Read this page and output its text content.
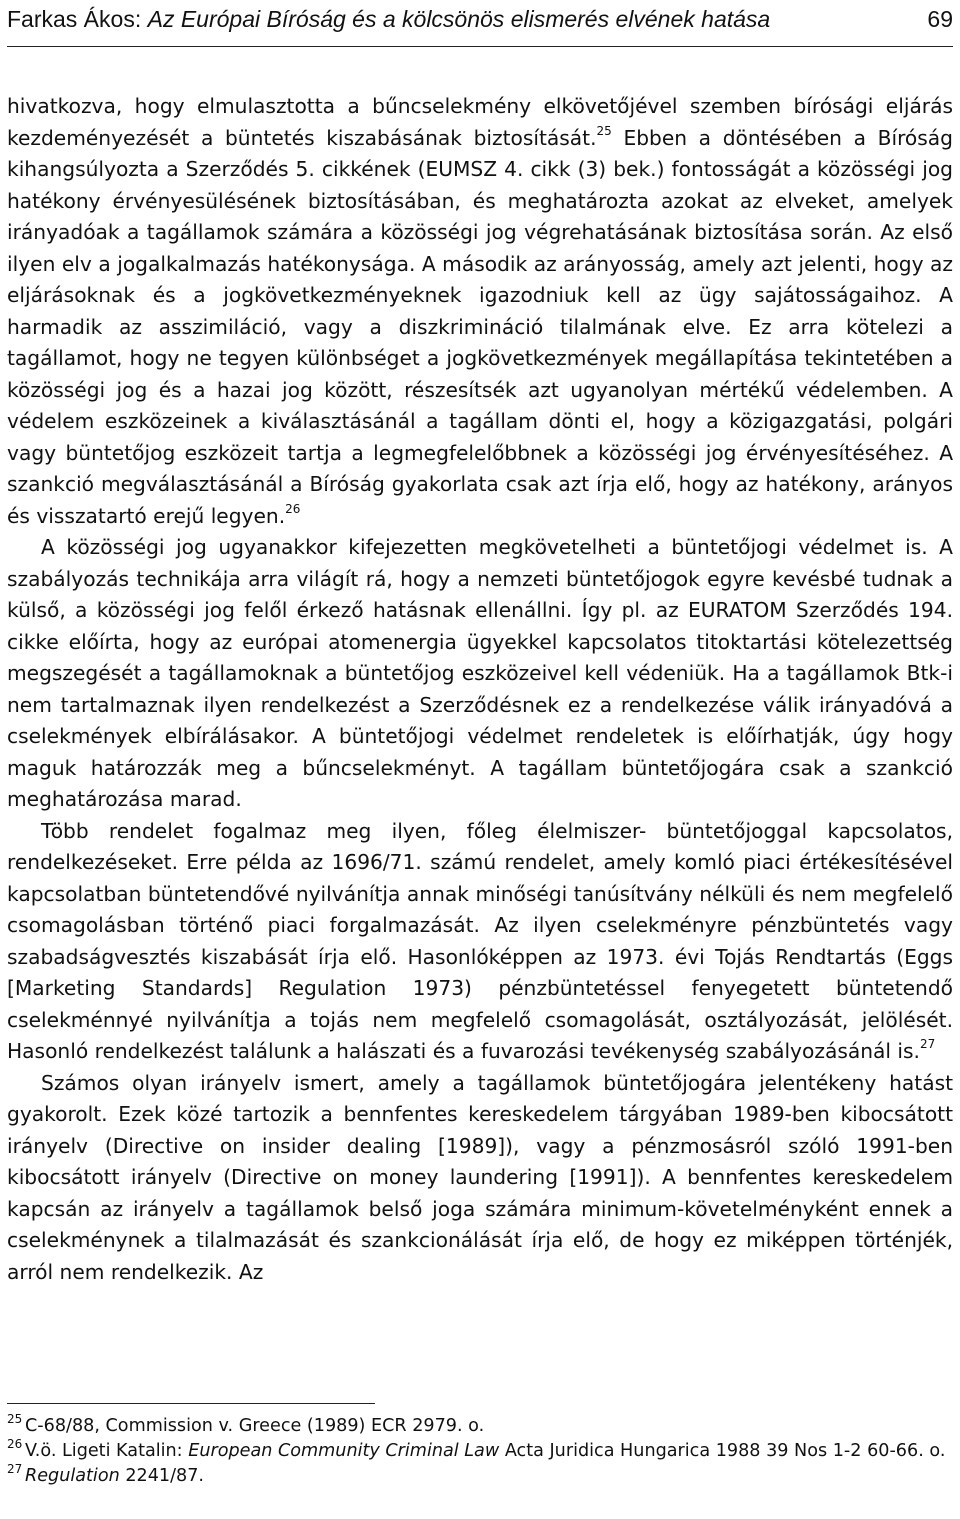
Farkas Ákos: Az Európai Bíróság és a kölcsönös elismerés elvének hatása	69

hivatkozva, hogy elmulasztotta a bűncselekmény elkövetőjével szemben bírósági eljárás kezdeményezését a büntetés kiszabásának biztosítását.$^{25}$ Ebben a döntésében a Bíróság kihangsúlyozta a Szerződés 5. cikkének (EUMSZ 4. cikk (3) bek.) fontosságát a közösségi jog hatékony érvényesülésének biztosításában, és meghatározta azokat az elveket, amelyek irányadóak a tagállamok számára a közösségi jog végrehatásának biztosítása során. Az első ilyen elv a jogalkalmazás hatékonysága. A második az arányosság, amely azt jelenti, hogy az eljárásoknak és a jogkövetkezményeknek igazodniuk kell az ügy sajátosságaihoz. A harmadik az asszimiláció, vagy a diszkrimináció tilalmának elve. Ez arra kötelezi a tagállamot, hogy ne tegyen különbséget a jogkövetkezmények megállapítása tekintetében a közösségi jog és a hazai jog között, részesítsék azt ugyanolyan mértékű védelemben. A védelem eszközeinek a kiválasztásánál a tagállam dönti el, hogy a közigazgatási, polgári vagy büntetőjog eszközeit tartja a legmegfelelőbbnek a közösségi jog érvényesítéséhez. A szankció megválasztásánál a Bíróság gyakorlata csak azt írja elő, hogy az hatékony, arányos és visszatartó erejű legyen.$^{26}$

A közösségi jog ugyanakkor kifejezetten megkövetelheti a büntetőjogi védelmet is. A szabályozás technikája arra világít rá, hogy a nemzeti büntetőjogok egyre kevésbé tudnak a külső, a közösségi jog felől érkező hatásnak ellenállni. Így pl. az EURATOM Szerződés 194. cikke előírta, hogy az európai atomenergia ügyekkel kapcsolatos titoktartási kötelezettség megszegését a tagállamoknak a büntetőjog eszközeivel kell védeniük. Ha a tagállamok Btk-i nem tartalmaznak ilyen rendelkezést a Szerződésnek ez a rendelkezése válik irányadóvá a cselekmények elbírálásakor. A büntetőjogi védelmet rendeletek is előírhatják, úgy hogy maguk határozzák meg a bűncselekményt. A tagállam büntetőjogára csak a szankció meghatározása marad.

Több rendelet fogalmaz meg ilyen, főleg élelmiszer- büntetőjoggal kapcsolatos, rendelkezéseket. Erre példa az 1696/71. számú rendelet, amely komló piaci értékesítésével kapcsolatban büntetendővé nyilvánítja annak minőségi tanúsítvány nélküli és nem megfelelő csomagolásban történő piaci forgalmazását. Az ilyen cselekményre pénzbüntetés vagy szabadságvesztés kiszabását írja elő. Hasonlóképpen az 1973. évi Tojás Rendtartás (Eggs [Marketing Standards] Regulation 1973) pénzbüntetéssel fenyegetett büntetendő cselekménnyé nyilvánítja a tojás nem megfelelő csomagolását, osztályozását, jelölését. Hasonló rendelkezést találunk a halászati és a fuvarozási tevékenység szabályozásánál is.$^{27}$

Számos olyan irányelv ismert, amely a tagállamok büntetőjogára jelentékeny hatást gyakorolt. Ezek közé tartozik a bennfentes kereskedelem tárgyában 1989-ben kibocsátott irányelv (Directive on insider dealing [1989]), vagy a pénzmosásról szóló 1991-ben kibocsátott irányelv (Directive on money laundering [1991]). A bennfentes kereskedelem kapcsán az irányelv a tagállamok belső joga számára minimum-követelményként ennek a cselekménynek a tilalmazását és szankcionálását írja elő, de hogy ez miképpen történjék, arról nem rendelkezik. Az

25 C-68/88, Commission v. Greece (1989) ECR 2979. o.
26 V.ö. Ligeti Katalin: European Community Criminal Law Acta Juridica Hungarica 1988 39 Nos 1-2 60-66. o.
27 Regulation 2241/87.
